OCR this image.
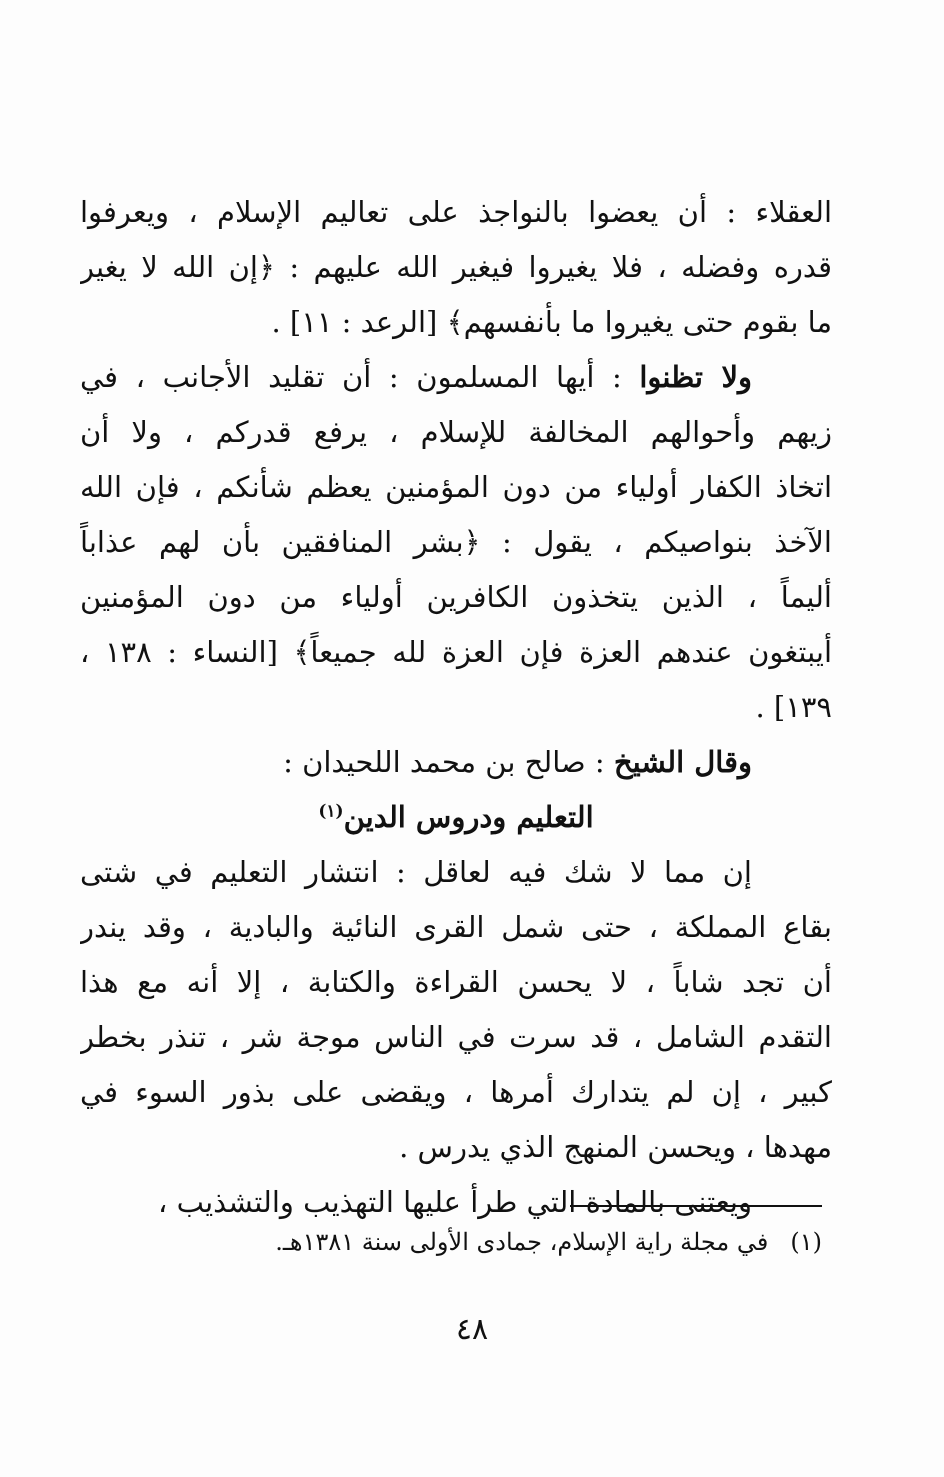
العقلاء : أن يعضوا بالنواجذ على تعاليم الإسلام ، ويعرفوا
قدره وفضله ، فلا يغيروا فيغير الله عليهم : ﴿إن الله لا يغير
ما بقوم حتى يغيروا ما بأنفسهم﴾ [الرعد : ١١] .
ولا تظنوا : أيها المسلمون : أن تقليد الأجانب ، في
زيهم وأحوالهم المخالفة للإسلام ، يرفع قدركم ، ولا أن
اتخاذ الكفار أولياء من دون المؤمنين يعظم شأنكم ، فإن الله
الآخذ بنواصيكم ، يقول : ﴿بشر المنافقين بأن لهم عذاباً
أليماً ، الذين يتخذون الكافرين أولياء من دون المؤمنين
أيبتغون عندهم العزة فإن العزة لله جميعاً﴾ [النساء : ١٣٨ ،
١٣٩] .
وقال الشيخ : صالح بن محمد اللحيدان :
التعليم ودروس الدين$^{(١)}$
إن مما لا شك فيه لعاقل : انتشار التعليم في شتى
بقاع المملكة ، حتى شمل القرى النائية والبادية ، وقد يندر
أن تجد شاباً ، لا يحسن القراءة والكتابة ، إلا أنه مع هذا
التقدم الشامل ، قد سرت في الناس موجة شر ، تنذر بخطر
كبير ، إن لم يتدارك أمرها ، ويقضى على بذور السوء في
مهدها ، ويحسن المنهج الذي يدرس .
ويعتنى بالمادة التي طرأ عليها التهذيب والتشذيب ،
(١)في مجلة راية الإسلام، جمادى الأولى سنة ١٣٨١هـ.
٤٨
